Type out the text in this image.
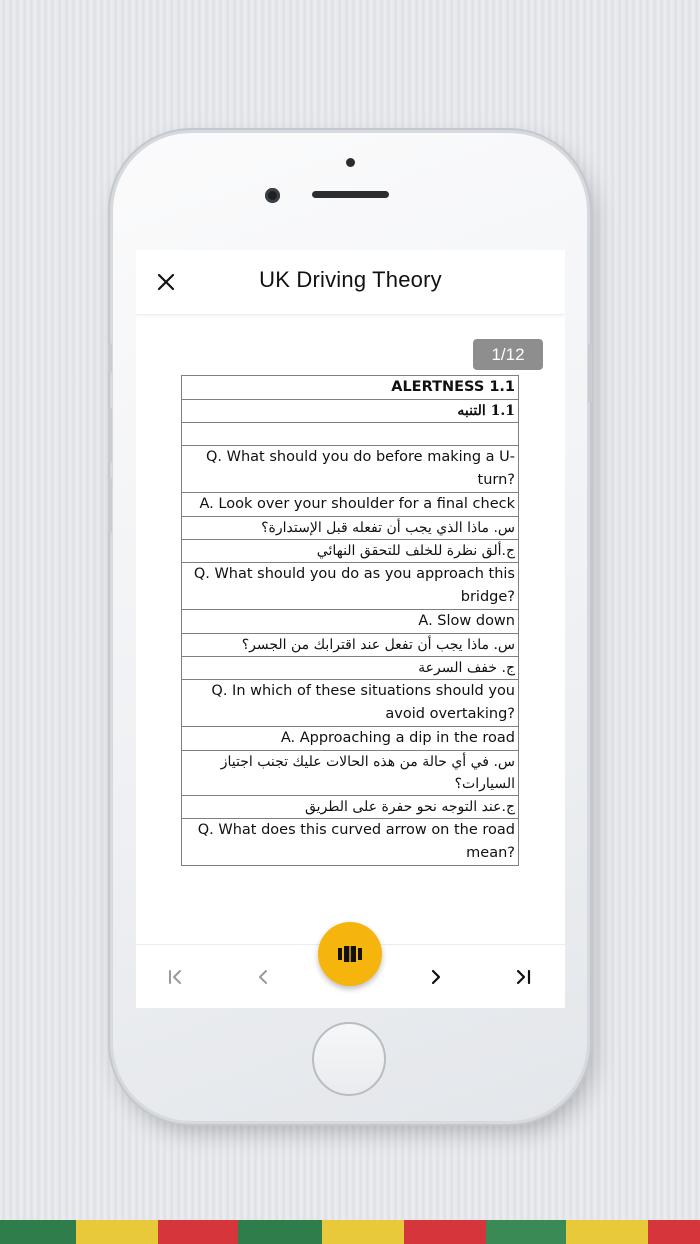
UK Driving Theory
1/12
ALERTNESS 1.1
1.1 التنبه

Q. What should you do before making a U-turn?
A. Look over your shoulder for a final check
س. ماذا الذي يجب أن تفعله قبل الإستدارة؟
ج.ألق نظرة للخلف للتحقق النهائي
Q. What should you do as you approach this bridge?
A. Slow down
س. ماذا يجب أن تفعل عند اقترابك من الجسر؟
ج. خفف السرعة
Q. In which of these situations should you avoid overtaking?
A. Approaching a dip in the road
س. في أي حالة من هذه الحالات عليك تجنب اجتياز السيارات؟
ج.عند التوجه نحو حفرة على الطريق
Q. What does this curved arrow on the road mean?
